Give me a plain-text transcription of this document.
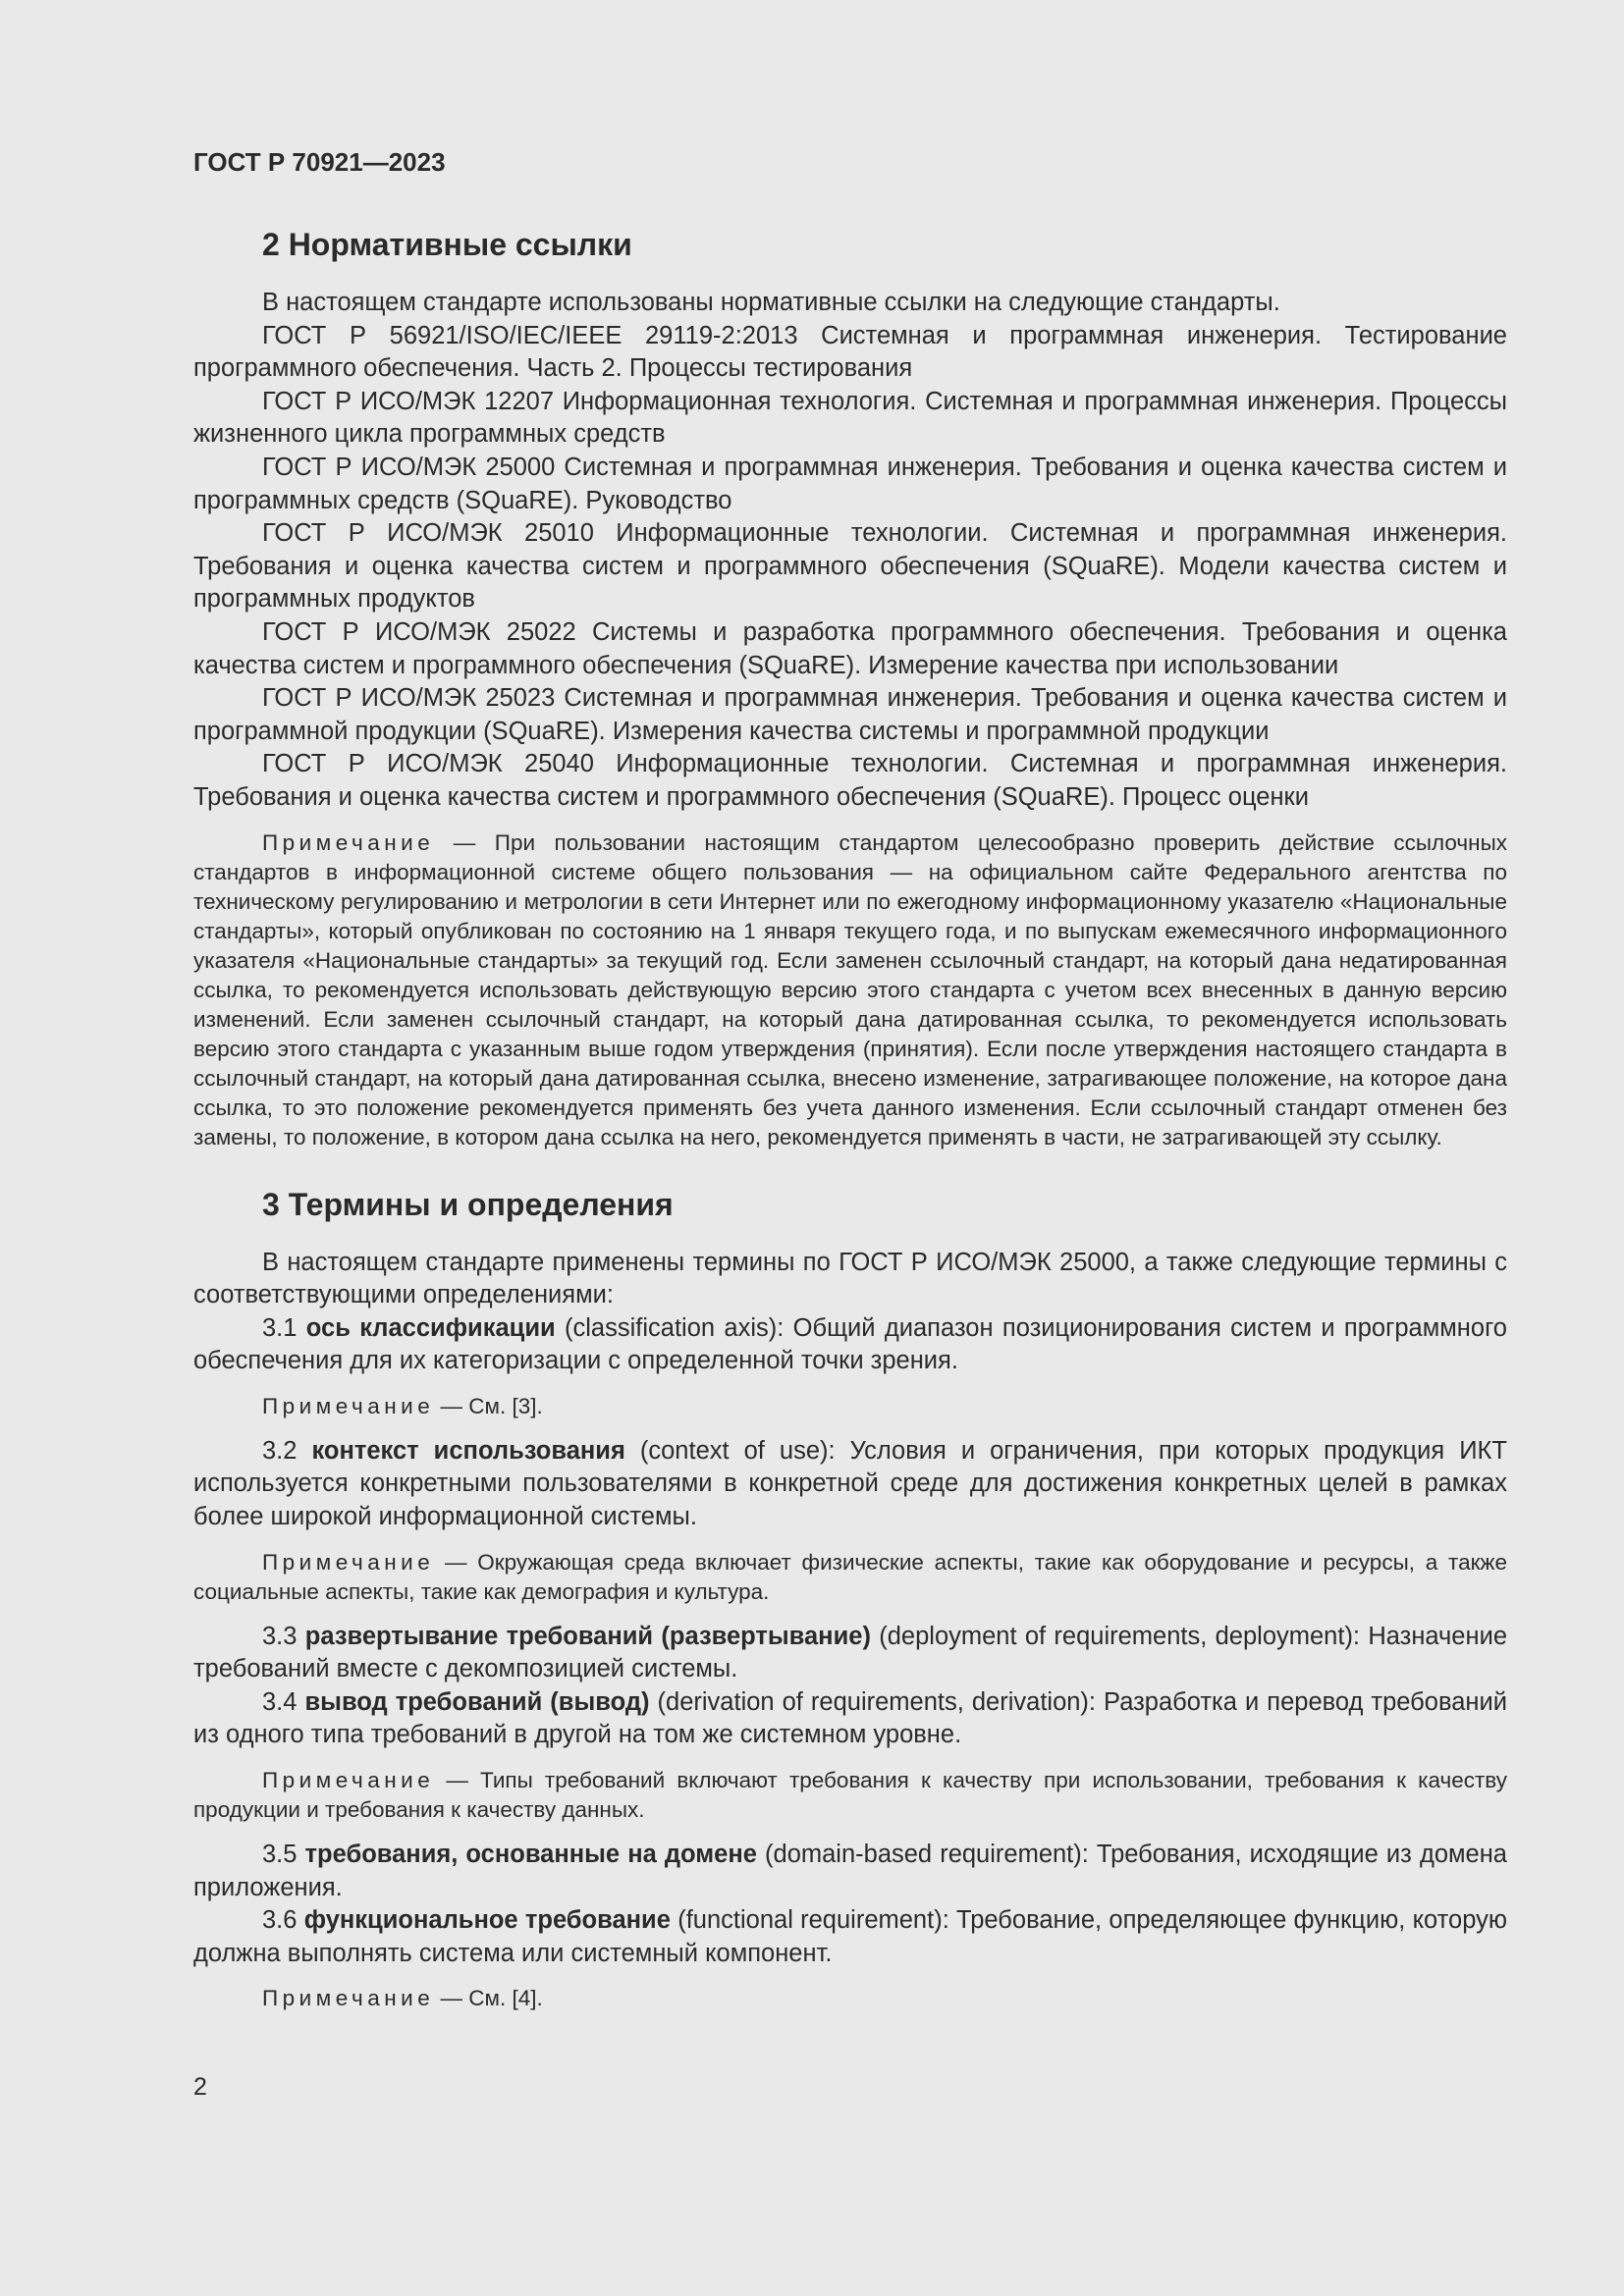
ГОСТ Р 70921—2023
2 Нормативные ссылки

В настоящем стандарте использованы нормативные ссылки на следующие стандарты.

ГОСТ Р 56921/ISO/IEC/IEEE 29119-2:2013 Системная и программная инженерия. Тестирование программного обеспечения. Часть 2. Процессы тестирования

ГОСТ Р ИСО/МЭК 12207 Информационная технология. Системная и программная инженерия. Процессы жизненного цикла программных средств

ГОСТ Р ИСО/МЭК 25000 Системная и программная инженерия. Требования и оценка качества систем и программных средств (SQuaRE). Руководство

ГОСТ Р ИСО/МЭК 25010 Информационные технологии. Системная и программная инженерия. Требования и оценка качества систем и программного обеспечения (SQuaRE). Модели качества систем и программных продуктов

ГОСТ Р ИСО/МЭК 25022 Системы и разработка программного обеспечения. Требования и оценка качества систем и программного обеспечения (SQuaRE). Измерение качества при использовании

ГОСТ Р ИСО/МЭК 25023 Системная и программная инженерия. Требования и оценка качества систем и программной продукции (SQuaRE). Измерения качества системы и программной продукции

ГОСТ Р ИСО/МЭК 25040 Информационные технологии. Системная и программная инженерия. Требования и оценка качества систем и программного обеспечения (SQuaRE). Процесс оценки

Примечание — При пользовании настоящим стандартом целесообразно проверить действие ссылочных стандартов в информационной системе общего пользования — на официальном сайте Федерального агентства по техническому регулированию и метрологии в сети Интернет или по ежегодному информационному указателю «Национальные стандарты», который опубликован по состоянию на 1 января текущего года, и по выпускам ежемесячного информационного указателя «Национальные стандарты» за текущий год. Если заменен ссылочный стандарт, на который дана недатированная ссылка, то рекомендуется использовать действующую версию этого стандарта с учетом всех внесенных в данную версию изменений. Если заменен ссылочный стандарт, на который дана датированная ссылка, то рекомендуется использовать версию этого стандарта с указанным выше годом утверждения (принятия). Если после утверждения настоящего стандарта в ссылочный стандарт, на который дана датированная ссылка, внесено изменение, затрагивающее положение, на которое дана ссылка, то это положение рекомендуется применять без учета данного изменения. Если ссылочный стандарт отменен без замены, то положение, в котором дана ссылка на него, рекомендуется применять в части, не затрагивающей эту ссылку.

3 Термины и определения

В настоящем стандарте применены термины по ГОСТ Р ИСО/МЭК 25000, а также следующие термины с соответствующими определениями:

3.1 ось классификации (classification axis): Общий диапазон позиционирования систем и программного обеспечения для их категоризации с определенной точки зрения.

Примечание — См. [3].

3.2 контекст использования (context of use): Условия и ограничения, при которых продукция ИКТ используется конкретными пользователями в конкретной среде для достижения конкретных целей в рамках более широкой информационной системы.

Примечание — Окружающая среда включает физические аспекты, такие как оборудование и ресурсы, а также социальные аспекты, такие как демография и культура.

3.3 развертывание требований (развертывание) (deployment of requirements, deployment): Назначение требований вместе с декомпозицией системы.

3.4 вывод требований (вывод) (derivation of requirements, derivation): Разработка и перевод требований из одного типа требований в другой на том же системном уровне.

Примечание — Типы требований включают требования к качеству при использовании, требования к качеству продукции и требования к качеству данных.

3.5 требования, основанные на домене (domain-based requirement): Требования, исходящие из домена приложения.

3.6 функциональное требование (functional requirement): Требование, определяющее функцию, которую должна выполнять система или системный компонент.

Примечание — См. [4].

2
